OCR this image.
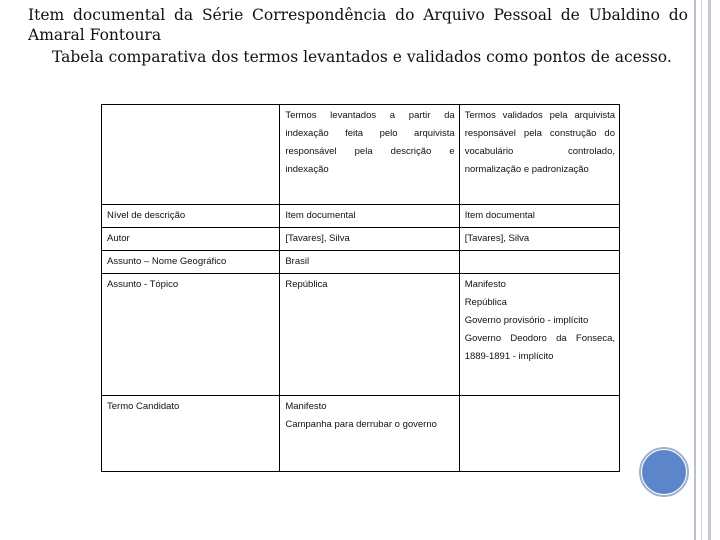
Item documental da Série Correspondência do Arquivo Pessoal de Ubaldino do Amaral Fontoura
Tabela comparativa dos termos levantados e validados como pontos de acesso.

	Termos levantados a partir da
indexação feita pelo arquivista
responsável pela descrição e
indexação	Termos validados pela arquivista
responsável pela construção do
vocabulário controlado,
normalização e padronização

Nível de descrição	Item documental	Item documental
Autor	[Tavares], Silva	[Tavares], Silva
Assunto – Nome Geográfico	Brasil	
Assunto - Tópico	República	Manifesto
República
Governo provisório - implícito
Governo Deodoro da Fonseca,
1889-1891 - implícito

Termo Candidato	Manifesto
Campanha para derrubar o governo	
